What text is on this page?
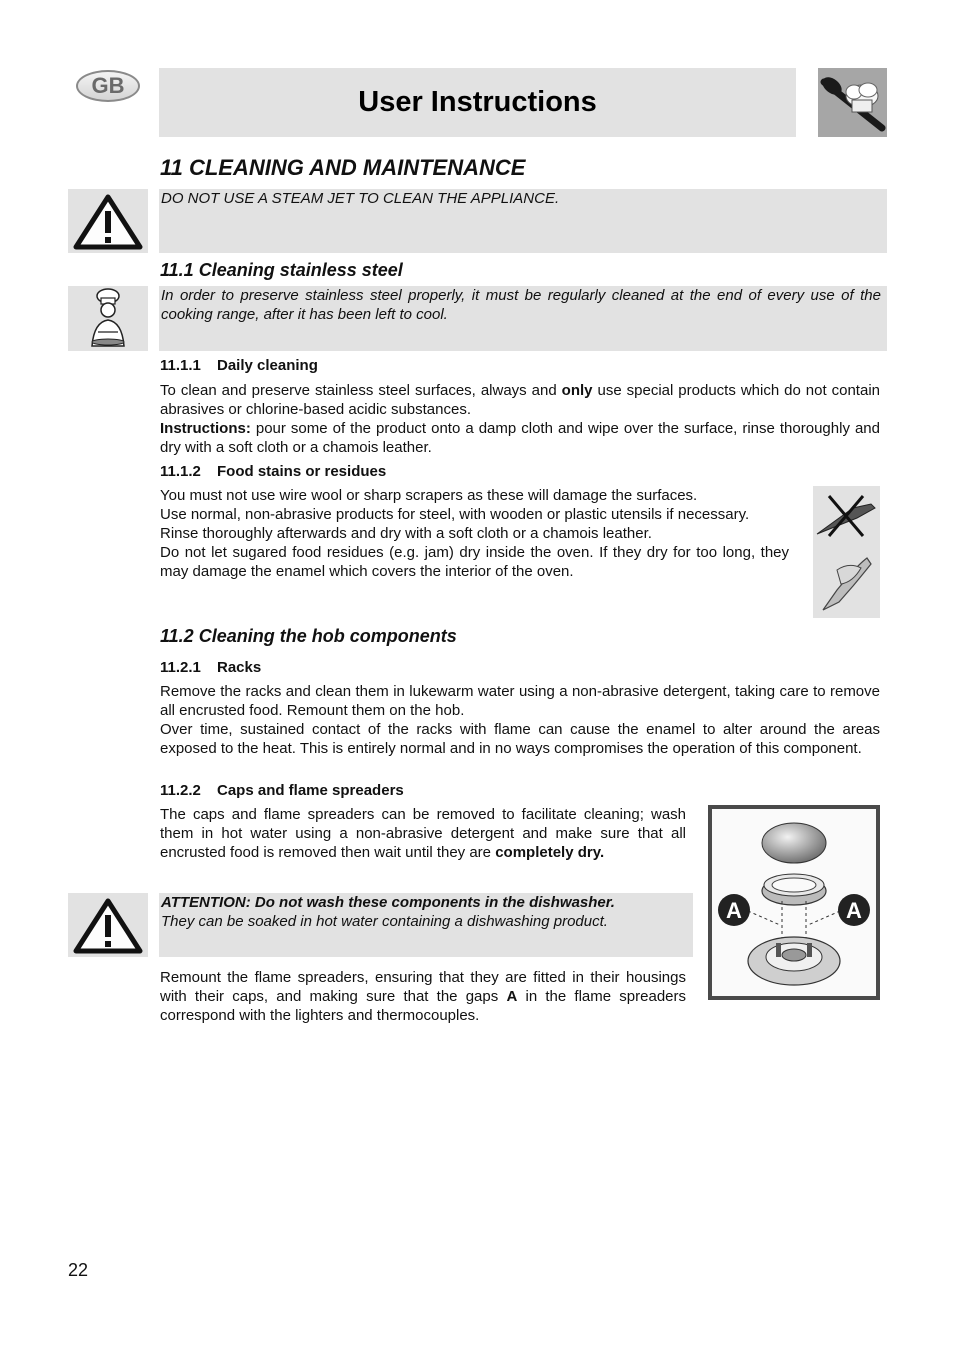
GB
User Instructions
11 CLEANING AND MAINTENANCE
DO NOT USE A STEAM JET TO CLEAN THE APPLIANCE.
11.1 Cleaning stainless steel
In order to preserve stainless steel properly, it must be regularly cleaned at the end of every use of the cooking range, after it has been left to cool.
11.1.1 Daily cleaning

To clean and preserve stainless steel surfaces, always and only use special products which do not contain abrasives or chlorine-based acidic substances.

Instructions: pour some of the product onto a damp cloth and wipe over the surface, rinse thoroughly and dry with a soft cloth or a chamois leather.

11.1.2 Food stains or residues

You must not use wire wool or sharp scrapers as these will damage the surfaces.

Use normal, non-abrasive products for steel, with wooden or plastic utensils if necessary.

Rinse thoroughly afterwards and dry with a soft cloth or a chamois leather.

Do not let sugared food residues (e.g. jam) dry inside the oven. If they dry for too long, they may damage the enamel which covers the interior of the oven.

11.2 Cleaning the hob components
11.2.1 Racks

Remove the racks and clean them in lukewarm water using a non-abrasive detergent, taking care to remove all encrusted food. Remount them on the hob.

Over time, sustained contact of the racks with flame can cause the enamel to alter around the areas exposed to the heat. This is entirely normal and in no ways compromises the operation of this component.

11.2.2 Caps and flame spreaders

The caps and flame spreaders can be removed to facilitate cleaning; wash them in hot water using a non-abrasive detergent and make sure that all encrusted food is removed then wait until they are completely dry.

ATTENTION: Do not wash these components in the dishwasher.
They can be soaked in hot water containing a dishwashing product.

Remount the flame spreaders, ensuring that they are fitted in their housings with their caps, and making sure that the gaps A in the flame spreaders correspond with the lighters and thermocouples.

A	A
22
